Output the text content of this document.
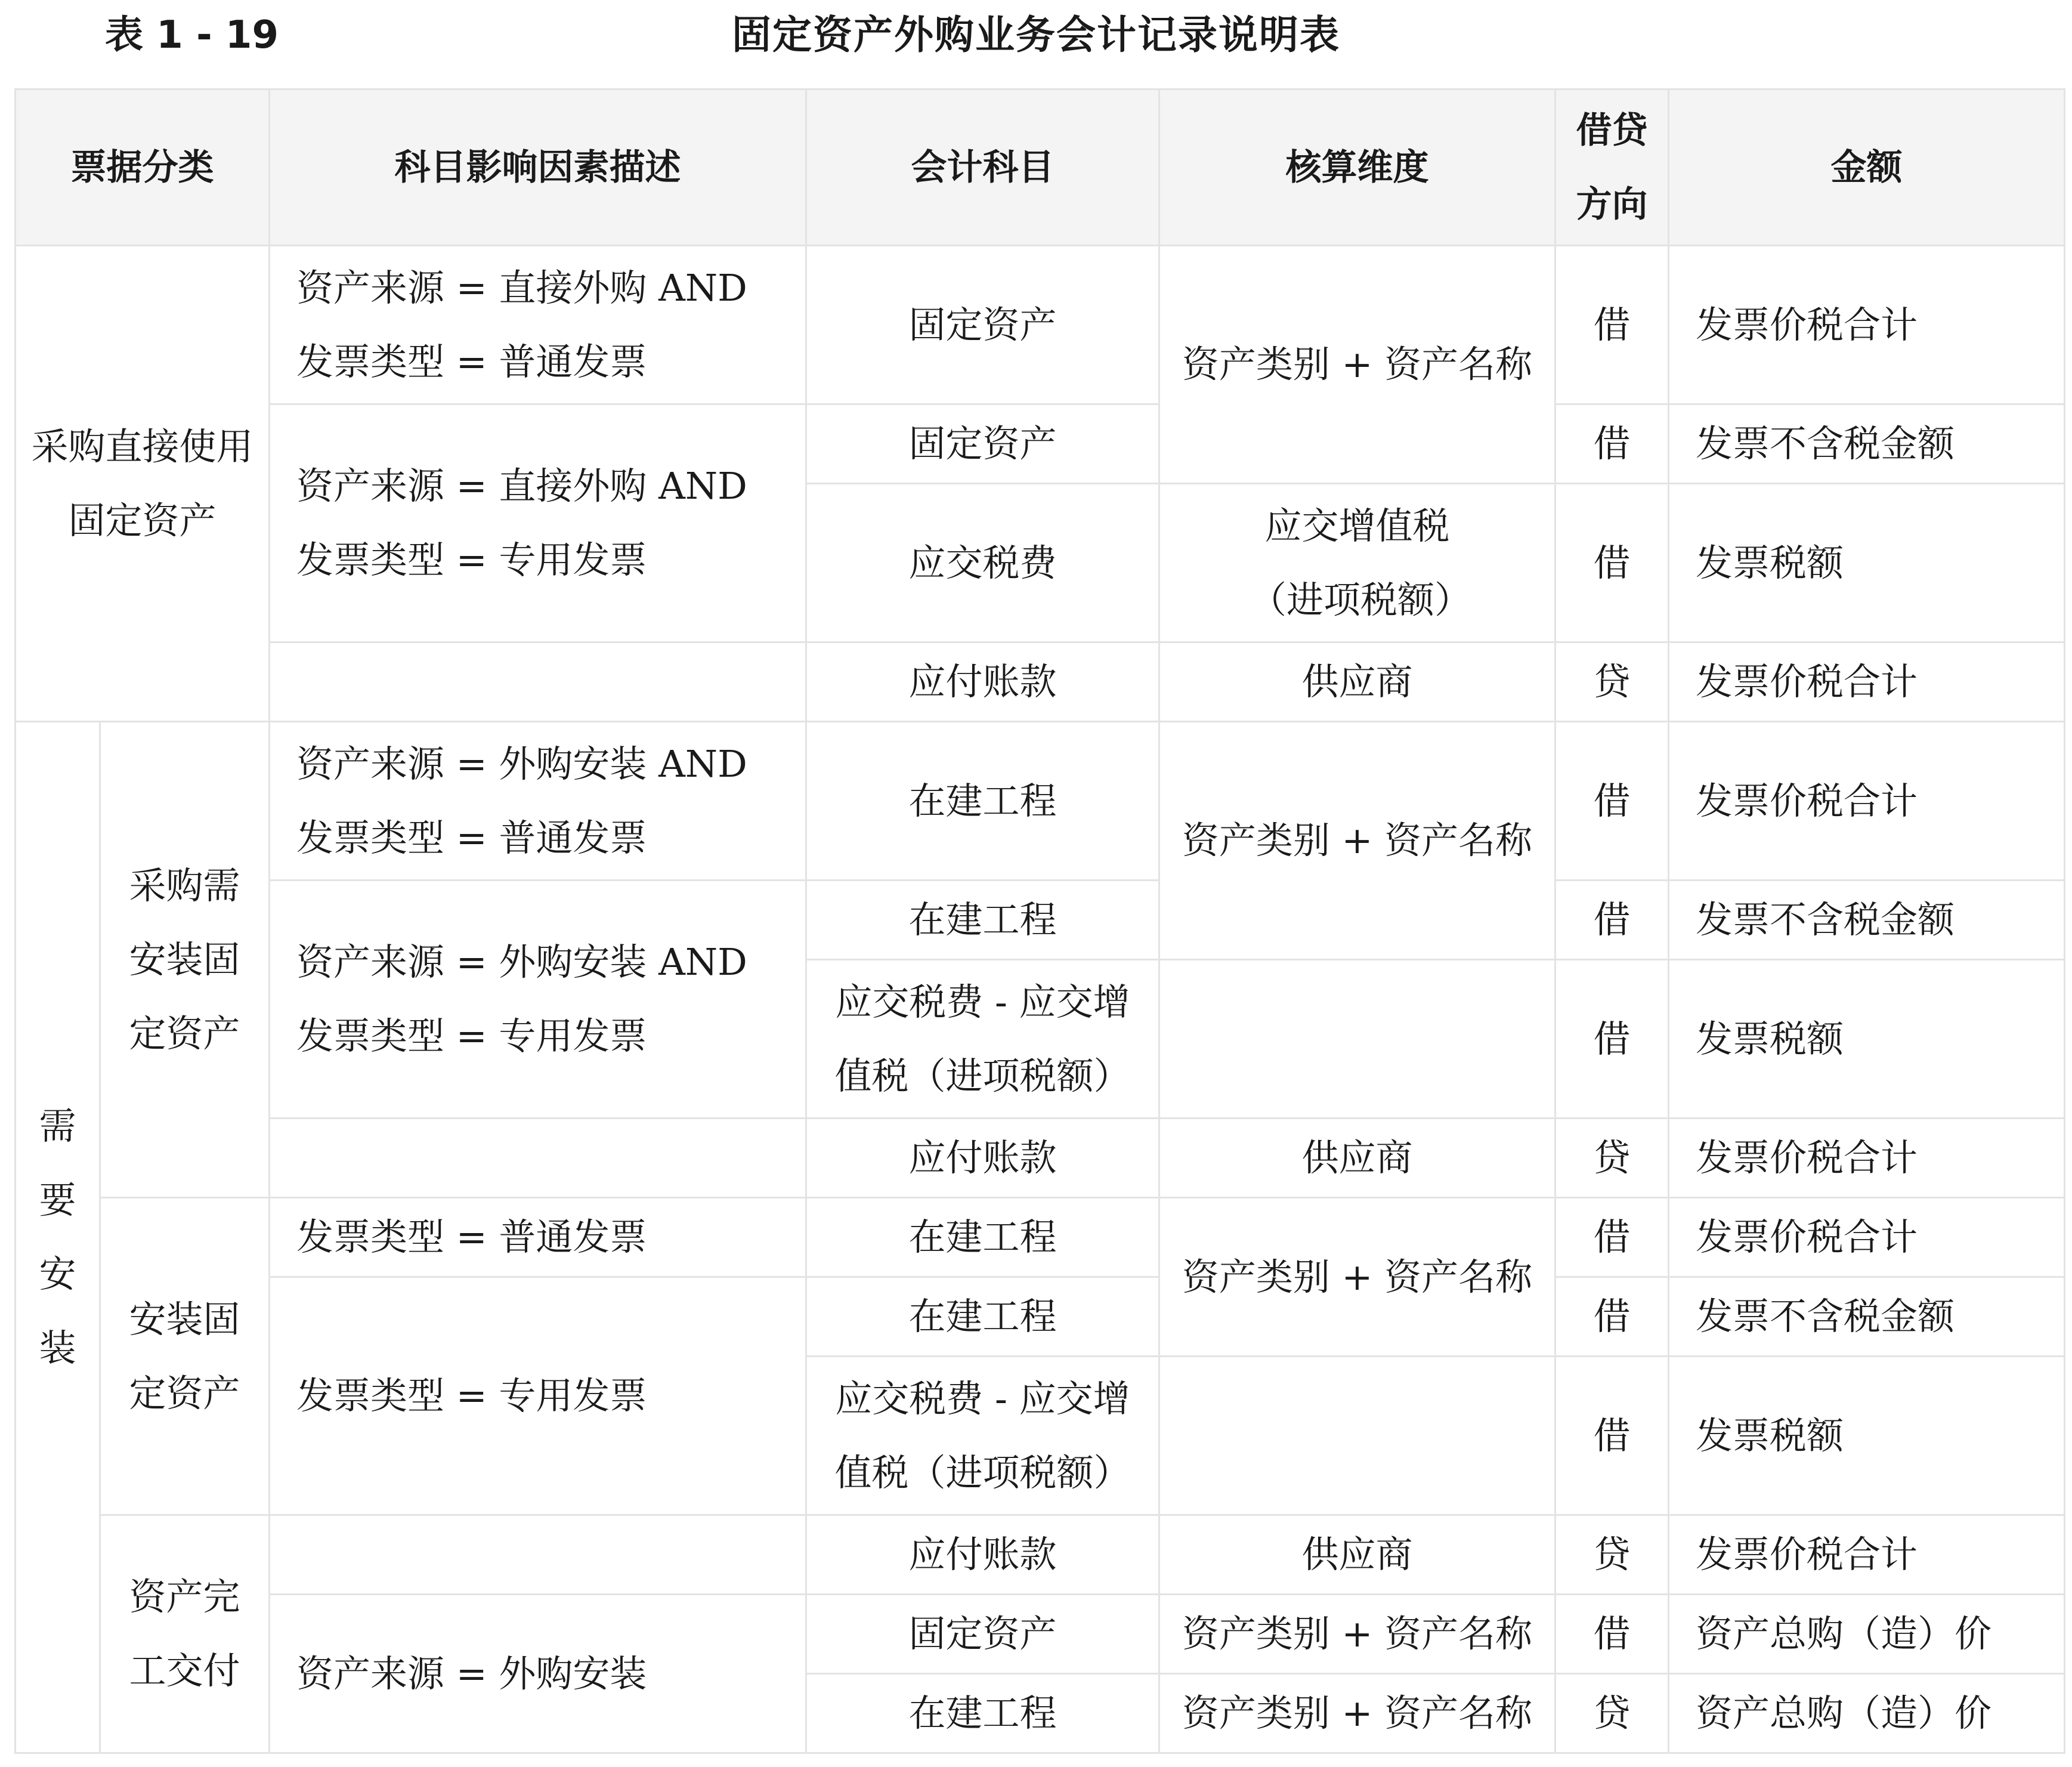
表 1 - 19	固定资产外购业务会计记录说明表
票据分类		科目影响因素描述	会计科目	核算维度	借贷方向	金额
采购直接使用固定资产		资产来源 = 直接外购 AND 发票类型 = 普通发票	固定资产	资产类别 + 资产名称	借	发票价税合计
		资产来源 = 直接外购 AND 发票类型 = 专用发票	固定资产		借	发票不含税金额
			应交税费	应交增值税（进项税额）	借	发票税额
			应付账款	供应商	贷	发票价税合计

需要安装	采购需安装固定资产	资产来源 = 外购安装 AND 发票类型 = 普通发票	在建工程	资产类别 + 资产名称	借	发票价税合计
		资产来源 = 外购安装 AND 发票类型 = 专用发票	在建工程		借	发票不含税金额
			应交税费 - 应交增值税（进项税额）		借	发票税额
			应付账款	供应商	贷	发票价税合计
	安装固定资产	发票类型 = 普通发票	在建工程	资产类别 + 资产名称	借	发票价税合计
		发票类型 = 专用发票	在建工程		借	发票不含税金额
			应交税费 - 应交增值税（进项税额）		借	发票税额
	资产完工交付		应付账款	供应商	贷	发票价税合计
		资产来源 = 外购安装	固定资产	资产类别 + 资产名称	借	资产总购（造）价
			在建工程	资产类别 + 资产名称	贷	资产总购（造）价
